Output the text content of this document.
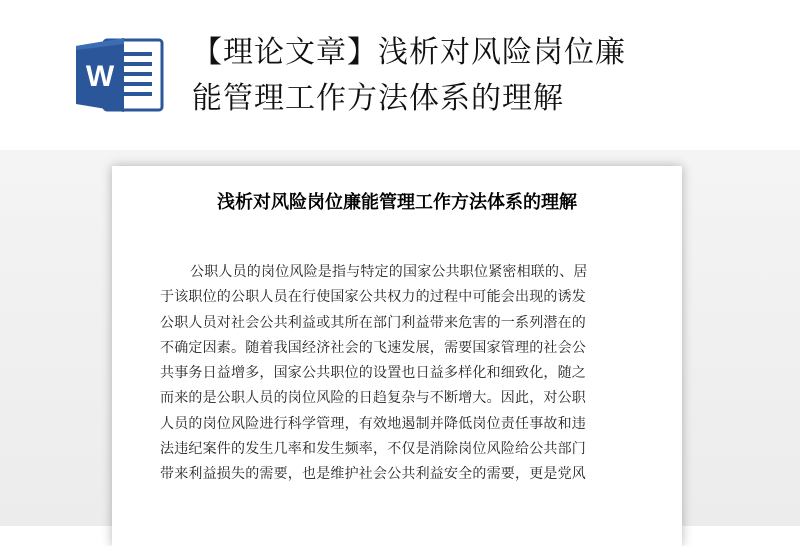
W
【理论文章】浅析对风险岗位廉
能管理工作方法体系的理解
浅析对风险岗位廉能管理工作方法体系的理解
公职人员的岗位风险是指与特定的国家公共职位紧密相联的、居
于该职位的公职人员在行使国家公共权力的过程中可能会出现的诱发
公职人员对社会公共利益或其所在部门利益带来危害的一系列潜在的
不确定因素。随着我国经济社会的飞速发展，需要国家管理的社会公
共事务日益增多，国家公共职位的设置也日益多样化和细致化，随之
而来的是公职人员的岗位风险的日趋复杂与不断增大。因此，对公职
人员的岗位风险进行科学管理，有效地遏制并降低岗位责任事故和违
法违纪案件的发生几率和发生频率，不仅是消除岗位风险给公共部门
带来利益损失的需要，也是维护社会公共利益安全的需要，更是党风
